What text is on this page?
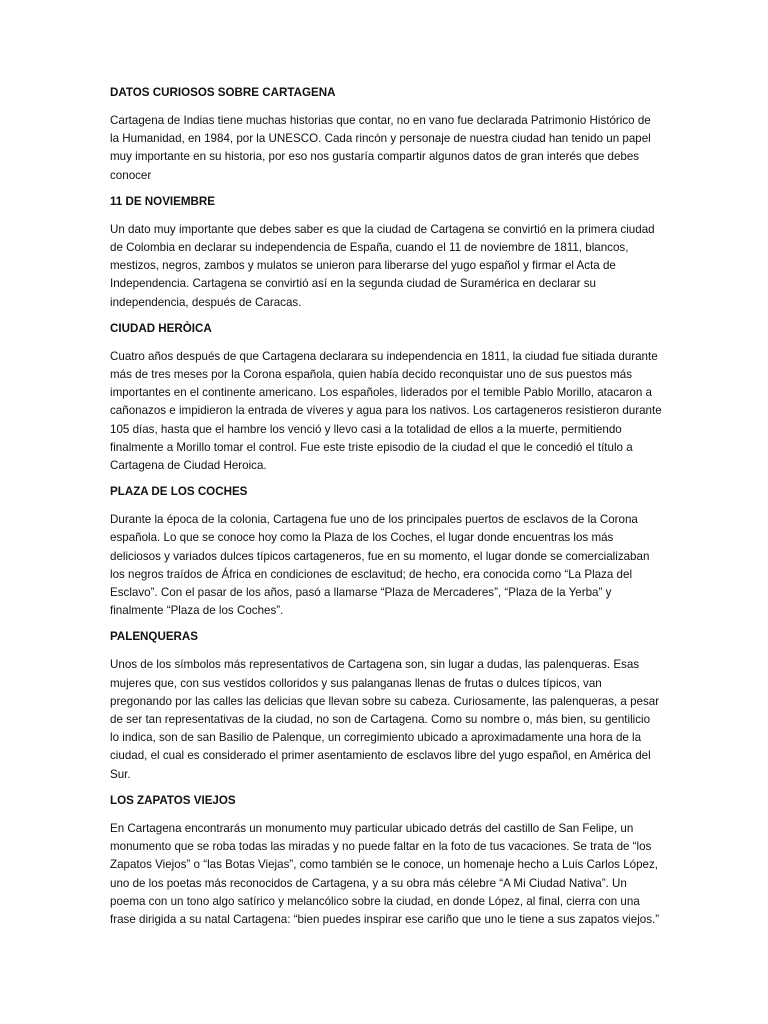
DATOS CURIOSOS SOBRE CARTAGENA

Cartagena de Indias tiene muchas historias que contar, no en vano fue declarada Patrimonio Histórico de la Humanidad, en 1984, por la UNESCO. Cada rincón y personaje de nuestra ciudad han tenido un papel muy importante en su historia, por eso nos gustaría compartir algunos datos de gran interés que debes conocer

11 DE NOVIEMBRE

Un dato muy importante que debes saber es que la ciudad de Cartagena se convirtió en la primera ciudad de Colombia en declarar su independencia de España, cuando el 11 de noviembre de 1811, blancos, mestizos, negros, zambos y mulatos se unieron para liberarse del yugo español y firmar el Acta de Independencia. Cartagena se convirtió así en la segunda ciudad de Suramérica en declarar su independencia, después de Caracas.

CIUDAD HERÒICA

Cuatro años después de que Cartagena declarara su independencia en 1811, la ciudad fue sitiada durante más de tres meses por la Corona española, quien había decido reconquistar uno de sus puestos más importantes en el continente americano. Los españoles, liderados por el temible Pablo Morillo, atacaron a cañonazos e impidieron la entrada de víveres y agua para los nativos. Los cartageneros resistieron durante 105 días, hasta que el hambre los venció y llevo casi a la totalidad de ellos a la muerte, permitiendo finalmente a Morillo tomar el control. Fue este triste episodio de la ciudad el que le concedió el título a Cartagena de Ciudad Heroica.

PLAZA DE LOS COCHES

Durante la época de la colonia, Cartagena fue uno de los principales puertos de esclavos de la Corona española. Lo que se conoce hoy como la Plaza de los Coches, el lugar donde encuentras los más deliciosos y variados dulces típicos cartageneros, fue en su momento, el lugar donde se comercializaban los negros traídos de África en condiciones de esclavitud; de hecho, era conocida como “La Plaza del Esclavo”. Con el pasar de los años, pasó a llamarse “Plaza de Mercaderes”, “Plaza de la Yerba” y finalmente “Plaza de los Coches”.

PALENQUERAS

Unos de los símbolos más representativos de Cartagena son, sin lugar a dudas, las palenqueras. Esas mujeres que, con sus vestidos colloridos y sus palanganas llenas de frutas o dulces típicos, van pregonando por las calles las delicias que llevan sobre su cabeza. Curiosamente, las palenqueras, a pesar de ser tan representativas de la ciudad, no son de Cartagena. Como su nombre o, más bien, su gentilicio lo indica, son de san Basilio de Palenque, un corregimiento ubicado a aproximadamente una hora de la ciudad, el cual es considerado el primer asentamiento de esclavos libre del yugo español, en América del Sur.

LOS ZAPATOS VIEJOS

En Cartagena encontrarás un monumento muy particular ubicado detrás del castillo de San Felipe, un monumento que se roba todas las miradas y no puede faltar en la foto de tus vacaciones. Se trata de “los Zapatos Viejos” o “las Botas Viejas”, como también se le conoce, un homenaje hecho a Luis Carlos López, uno de los poetas más reconocidos de Cartagena, y a su obra más célebre “A Mi Ciudad Nativa”. Un poema con un tono algo satírico y melancólico sobre la ciudad, en donde López, al final, cierra con una frase dirigida a su natal Cartagena: “bien puedes inspirar ese cariño que uno le tiene a sus zapatos viejos.”
